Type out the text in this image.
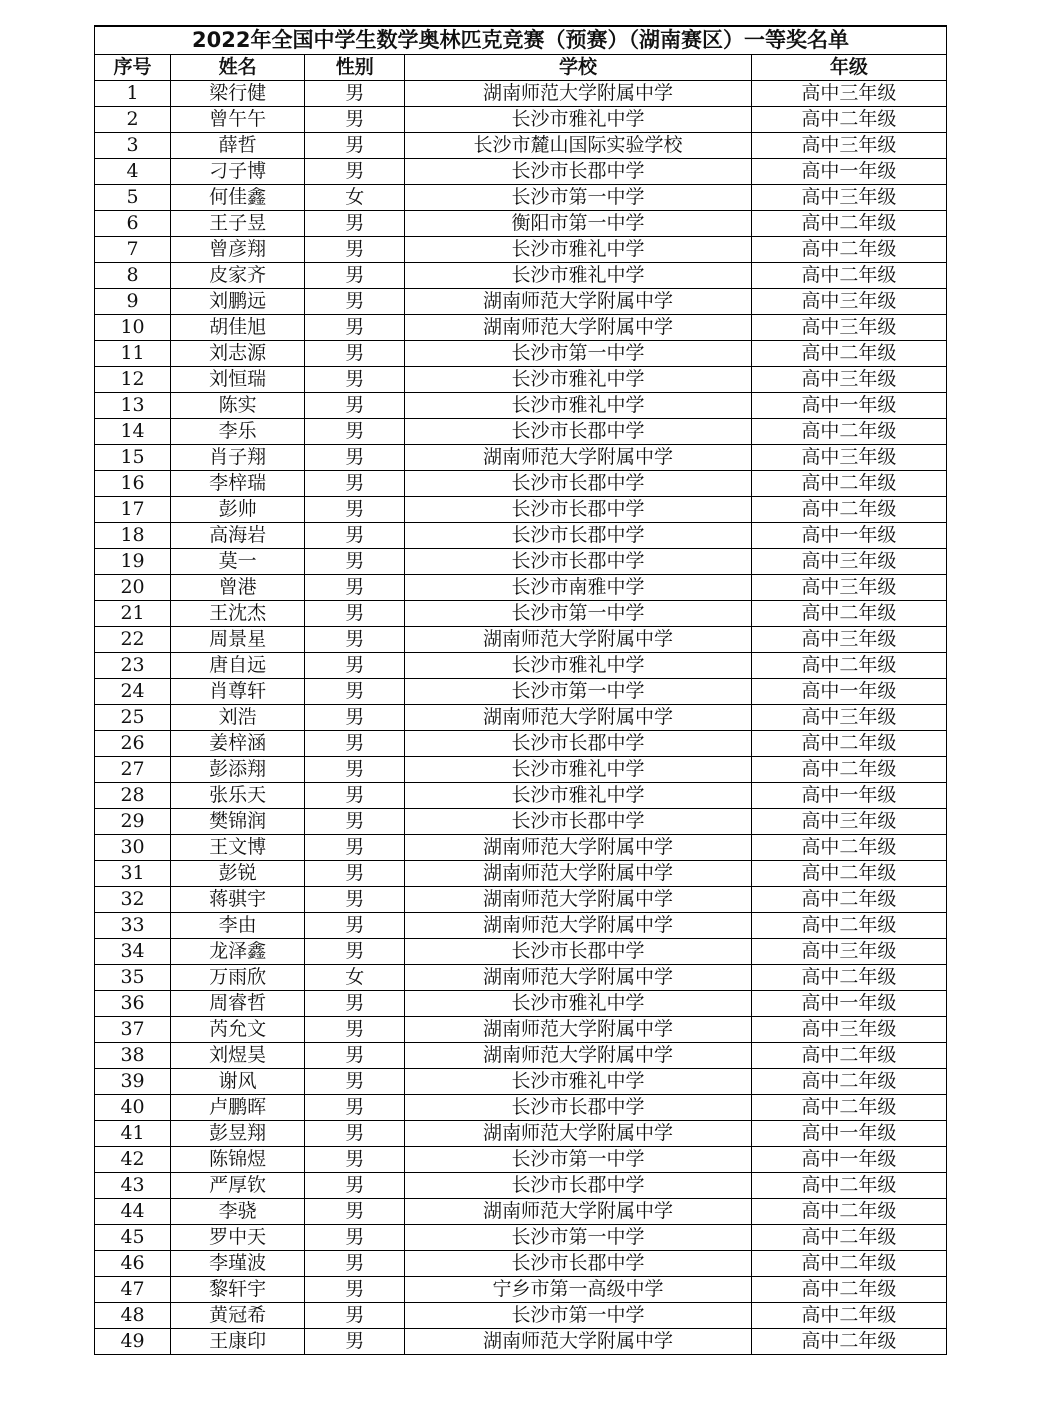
2022年全国中学生数学奥林匹克竞赛（预赛）（湖南赛区）一等奖名单				
序号	姓名	性别	学校	年级
1	梁行健	男	湖南师范大学附属中学	高中三年级
2	曾午午	男	长沙市雅礼中学	高中二年级
3	薛哲	男	长沙市麓山国际实验学校	高中三年级
4	刁子博	男	长沙市长郡中学	高中一年级
5	何佳鑫	女	长沙市第一中学	高中三年级
6	王子昱	男	衡阳市第一中学	高中二年级
7	曾彦翔	男	长沙市雅礼中学	高中二年级
8	皮家齐	男	长沙市雅礼中学	高中二年级
9	刘鹏远	男	湖南师范大学附属中学	高中三年级
10	胡佳旭	男	湖南师范大学附属中学	高中三年级
11	刘志源	男	长沙市第一中学	高中二年级
12	刘恒瑞	男	长沙市雅礼中学	高中三年级
13	陈实	男	长沙市雅礼中学	高中一年级
14	李乐	男	长沙市长郡中学	高中二年级
15	肖子翔	男	湖南师范大学附属中学	高中三年级
16	李梓瑞	男	长沙市长郡中学	高中二年级
17	彭帅	男	长沙市长郡中学	高中二年级
18	高海岩	男	长沙市长郡中学	高中一年级
19	莫一	男	长沙市长郡中学	高中三年级
20	曾港	男	长沙市南雅中学	高中三年级
21	王沈杰	男	长沙市第一中学	高中二年级
22	周景星	男	湖南师范大学附属中学	高中三年级
23	唐自远	男	长沙市雅礼中学	高中二年级
24	肖尊轩	男	长沙市第一中学	高中一年级
25	刘浩	男	湖南师范大学附属中学	高中三年级
26	姜梓涵	男	长沙市长郡中学	高中二年级
27	彭添翔	男	长沙市雅礼中学	高中二年级
28	张乐天	男	长沙市雅礼中学	高中一年级
29	樊锦润	男	长沙市长郡中学	高中三年级
30	王文博	男	湖南师范大学附属中学	高中二年级
31	彭锐	男	湖南师范大学附属中学	高中二年级
32	蒋骐宇	男	湖南师范大学附属中学	高中二年级
33	李由	男	湖南师范大学附属中学	高中二年级
34	龙泽鑫	男	长沙市长郡中学	高中三年级
35	万雨欣	女	湖南师范大学附属中学	高中二年级
36	周睿哲	男	长沙市雅礼中学	高中一年级
37	芮允文	男	湖南师范大学附属中学	高中三年级
38	刘煜昊	男	湖南师范大学附属中学	高中二年级
39	谢风	男	长沙市雅礼中学	高中二年级
40	卢鹏晖	男	长沙市长郡中学	高中二年级
41	彭昱翔	男	湖南师范大学附属中学	高中一年级
42	陈锦煜	男	长沙市第一中学	高中一年级
43	严厚钦	男	长沙市长郡中学	高中二年级
44	李骁	男	湖南师范大学附属中学	高中二年级
45	罗中天	男	长沙市第一中学	高中二年级
46	李瑾波	男	长沙市长郡中学	高中二年级
47	黎轩宇	男	宁乡市第一高级中学	高中二年级
48	黄冠希	男	长沙市第一中学	高中二年级
49	王康印	男	湖南师范大学附属中学	高中二年级
